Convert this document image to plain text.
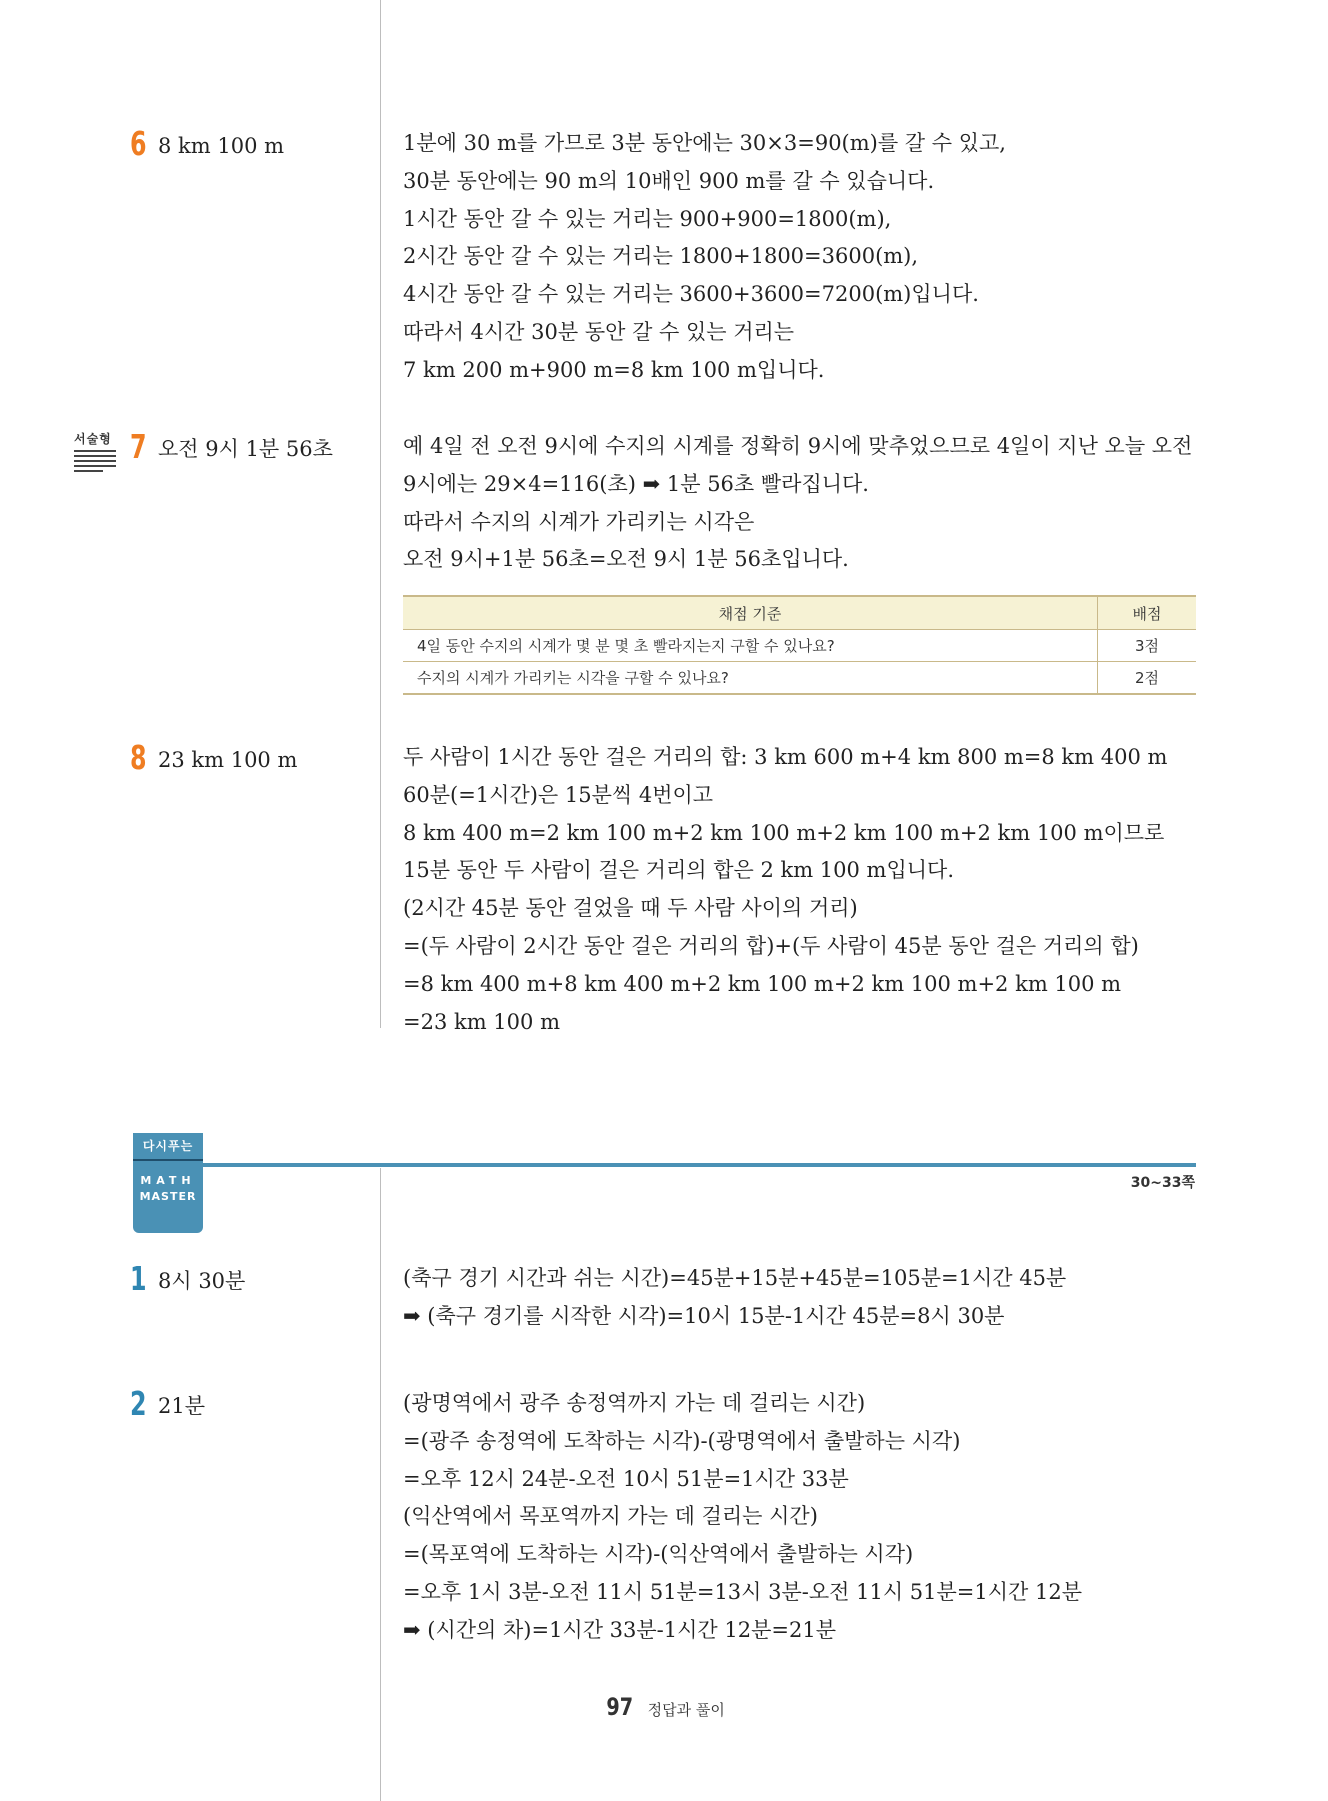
6 8 km 100 m	1분에 30 m를 가므로 3분 동안에는 30×3=90(m)를 갈 수 있고,
30분 동안에는 90 m의 10배인 900 m를 갈 수 있습니다.
1시간 동안 갈 수 있는 거리는 900+900=1800(m),
2시간 동안 갈 수 있는 거리는 1800+1800=3600(m),
4시간 동안 갈 수 있는 거리는 3600+3600=7200(m)입니다.
따라서 4시간 30분 동안 갈 수 있는 거리는
7 km 200 m+900 m=8 km 100 m입니다.
서술형 7 오전 9시 1분 56초	예 4일 전 오전 9시에 수지의 시계를 정확히 9시에 맞추었으므로 4일이 지난 오늘 오전
9시에는 29×4=116(초) ➡ 1분 56초 빨라집니다.
따라서 수지의 시계가 가리키는 시각은
오전 9시+1분 56초=오전 9시 1분 56초입니다.
채점 기준	배점
4일 동안 수지의 시계가 몇 분 몇 초 빨라지는지 구할 수 있나요?	3점
수지의 시계가 가리키는 시각을 구할 수 있나요?	2점
8 23 km 100 m	두 사람이 1시간 동안 걸은 거리의 합: 3 km 600 m+4 km 800 m=8 km 400 m
60분(=1시간)은 15분씩 4번이고
8 km 400 m=2 km 100 m+2 km 100 m+2 km 100 m+2 km 100 m이므로
15분 동안 두 사람이 걸은 거리의 합은 2 km 100 m입니다.
(2시간 45분 동안 걸었을 때 두 사람 사이의 거리)
=(두 사람이 2시간 동안 걸은 거리의 합)+(두 사람이 45분 동안 걸은 거리의 합)
=8 km 400 m+8 km 400 m+2 km 100 m+2 km 100 m+2 km 100 m
=23 km 100 m
다시푸는
MATH
MASTER
30~33쪽
1 8시 30분	(축구 경기 시간과 쉬는 시간)=45분+15분+45분=105분=1시간 45분
➡ (축구 경기를 시작한 시각)=10시 15분-1시간 45분=8시 30분
2 21분	(광명역에서 광주 송정역까지 가는 데 걸리는 시간)
=(광주 송정역에 도착하는 시각)-(광명역에서 출발하는 시각)
=오후 12시 24분-오전 10시 51분=1시간 33분
(익산역에서 목포역까지 가는 데 걸리는 시간)
=(목포역에 도착하는 시각)-(익산역에서 출발하는 시각)
=오후 1시 3분-오전 11시 51분=13시 3분-오전 11시 51분=1시간 12분
➡ (시간의 차)=1시간 33분-1시간 12분=21분
97 정답과 풀이
